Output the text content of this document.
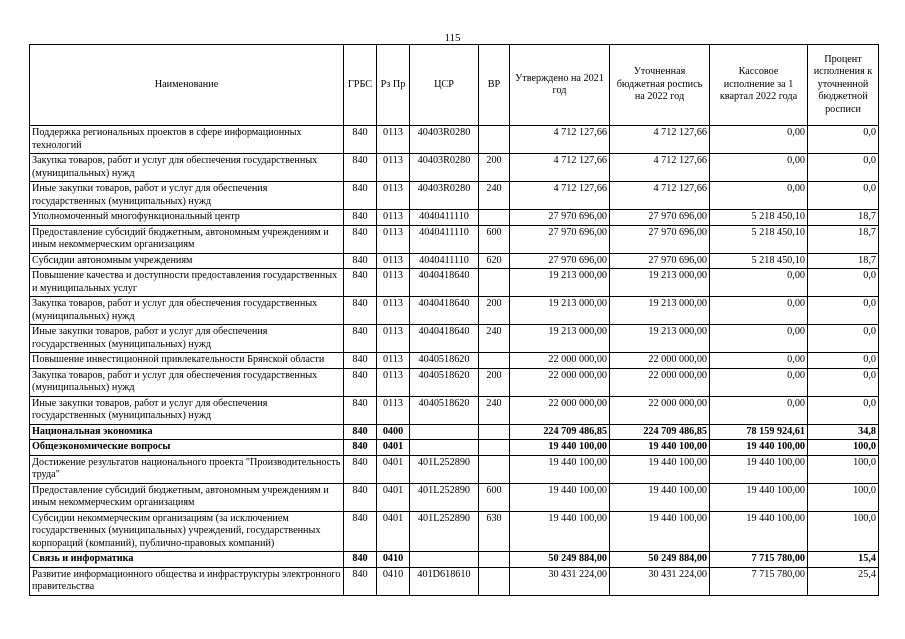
115
Наименование	ГРБС	Рз Пр	ЦСР	ВР	Утверждено на 2021 год	Уточненная бюджетная роспись на 2022 год	Кассовое исполнение за 1 квартал 2022 года	Процент исполнения к уточненной бюджетной росписи
Поддержка региональных проектов в сфере информационных технологий	840	0113	40403R0280		4 712 127,66	4 712 127,66	0,00	0,0
Закупка товаров, работ и услуг для обеспечения государственных (муниципальных) нужд	840	0113	40403R0280	200	4 712 127,66	4 712 127,66	0,00	0,0
Иные закупки товаров, работ и услуг для обеспечения государственных (муниципальных) нужд	840	0113	40403R0280	240	4 712 127,66	4 712 127,66	0,00	0,0
Уполномоченный многофункциональный центр	840	0113	4040411110		27 970 696,00	27 970 696,00	5 218 450,10	18,7
Предоставление субсидий бюджетным, автономным учреждениям и иным некоммерческим организациям	840	0113	4040411110	600	27 970 696,00	27 970 696,00	5 218 450,10	18,7
Субсидии автономным учреждениям	840	0113	4040411110	620	27 970 696,00	27 970 696,00	5 218 450,10	18,7
Повышение качества и доступности предоставления государственных и муниципальных услуг	840	0113	4040418640		19 213 000,00	19 213 000,00	0,00	0,0
Закупка товаров, работ и услуг для обеспечения государственных (муниципальных) нужд	840	0113	4040418640	200	19 213 000,00	19 213 000,00	0,00	0,0
Иные закупки товаров, работ и услуг для обеспечения государственных (муниципальных) нужд	840	0113	4040418640	240	19 213 000,00	19 213 000,00	0,00	0,0
Повышение инвестиционной привлекательности Брянской области	840	0113	4040518620		22 000 000,00	22 000 000,00	0,00	0,0
Закупка товаров, работ и услуг для обеспечения государственных (муниципальных) нужд	840	0113	4040518620	200	22 000 000,00	22 000 000,00	0,00	0,0
Иные закупки товаров, работ и услуг для обеспечения государственных (муниципальных) нужд	840	0113	4040518620	240	22 000 000,00	22 000 000,00	0,00	0,0
Национальная экономика	840	0400			224 709 486,85	224 709 486,85	78 159 924,61	34,8
Общеэкономические вопросы	840	0401			19 440 100,00	19 440 100,00	19 440 100,00	100,0
Достижение результатов национального проекта "Производительность труда"	840	0401	401L252890		19 440 100,00	19 440 100,00	19 440 100,00	100,0
Предоставление субсидий бюджетным, автономным учреждениям и иным некоммерческим организациям	840	0401	401L252890	600	19 440 100,00	19 440 100,00	19 440 100,00	100,0
Субсидии некоммерческим организациям (за исключением государственных (муниципальных) учреждений, государственных корпораций (компаний), публично-правовых компаний)	840	0401	401L252890	630	19 440 100,00	19 440 100,00	19 440 100,00	100,0
Связь и информатика	840	0410			50 249 884,00	50 249 884,00	7 715 780,00	15,4
Развитие информационного общества и инфраструктуры электронного правительства	840	0410	401D618610		30 431 224,00	30 431 224,00	7 715 780,00	25,4
